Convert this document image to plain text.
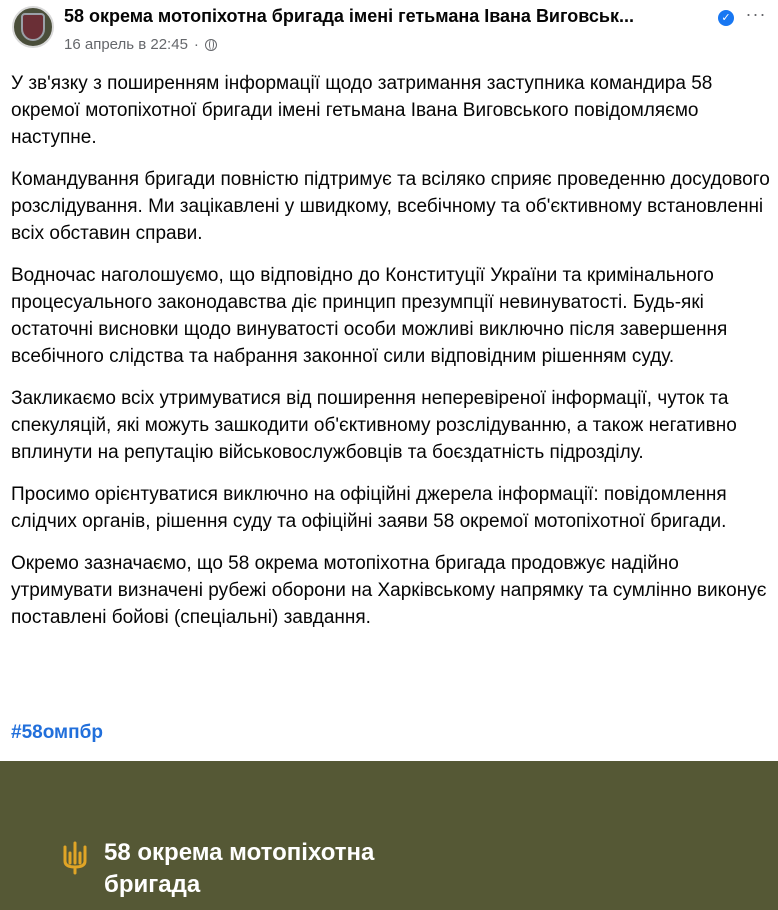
58 окрема мотопіхотна бригада імені гетьмана Івана Виговськ...	✓ ···
16 апрель в 22:45 ·

У зв'язку з поширенням інформації щодо затримання заступника командира 58 окремої мотопіхотної бригади імені гетьмана Івана Виговського повідомляємо наступне.

Командування бригади повністю підтримує та всіляко сприяє проведенню досудового розслідування. Ми зацікавлені у швидкому, всебічному та об'єктивному встановленні всіх обставин справи.

Водночас наголошуємо, що відповідно до Конституції України та кримінального процесуального законодавства діє принцип презумпції невинуватості. Будь-які остаточні висновки щодо винуватості особи можливі виключно після завершення всебічного слідства та набрання законної сили відповідним рішенням суду.

Закликаємо всіх утримуватися від поширення неперевіреної інформації, чуток та спекуляцій, які можуть зашкодити об'єктивному розслідуванню, а також негативно вплинути на репутацію військовослужбовців та боєздатність підрозділу.

Просимо орієнтуватися виключно на офіційні джерела інформації: повідомлення слідчих органів, рішення суду та офіційні заяви 58 окремої мотопіхотної бригади.

Окремо зазначаємо, що 58 окрема мотопіхотна бригада продовжує надійно утримувати визначені рубежі оборони на Харківському напрямку та сумлінно виконує поставлені бойові (спеціальні) завдання.

#58омпбр
58 окрема мотопіхотна
бригада
